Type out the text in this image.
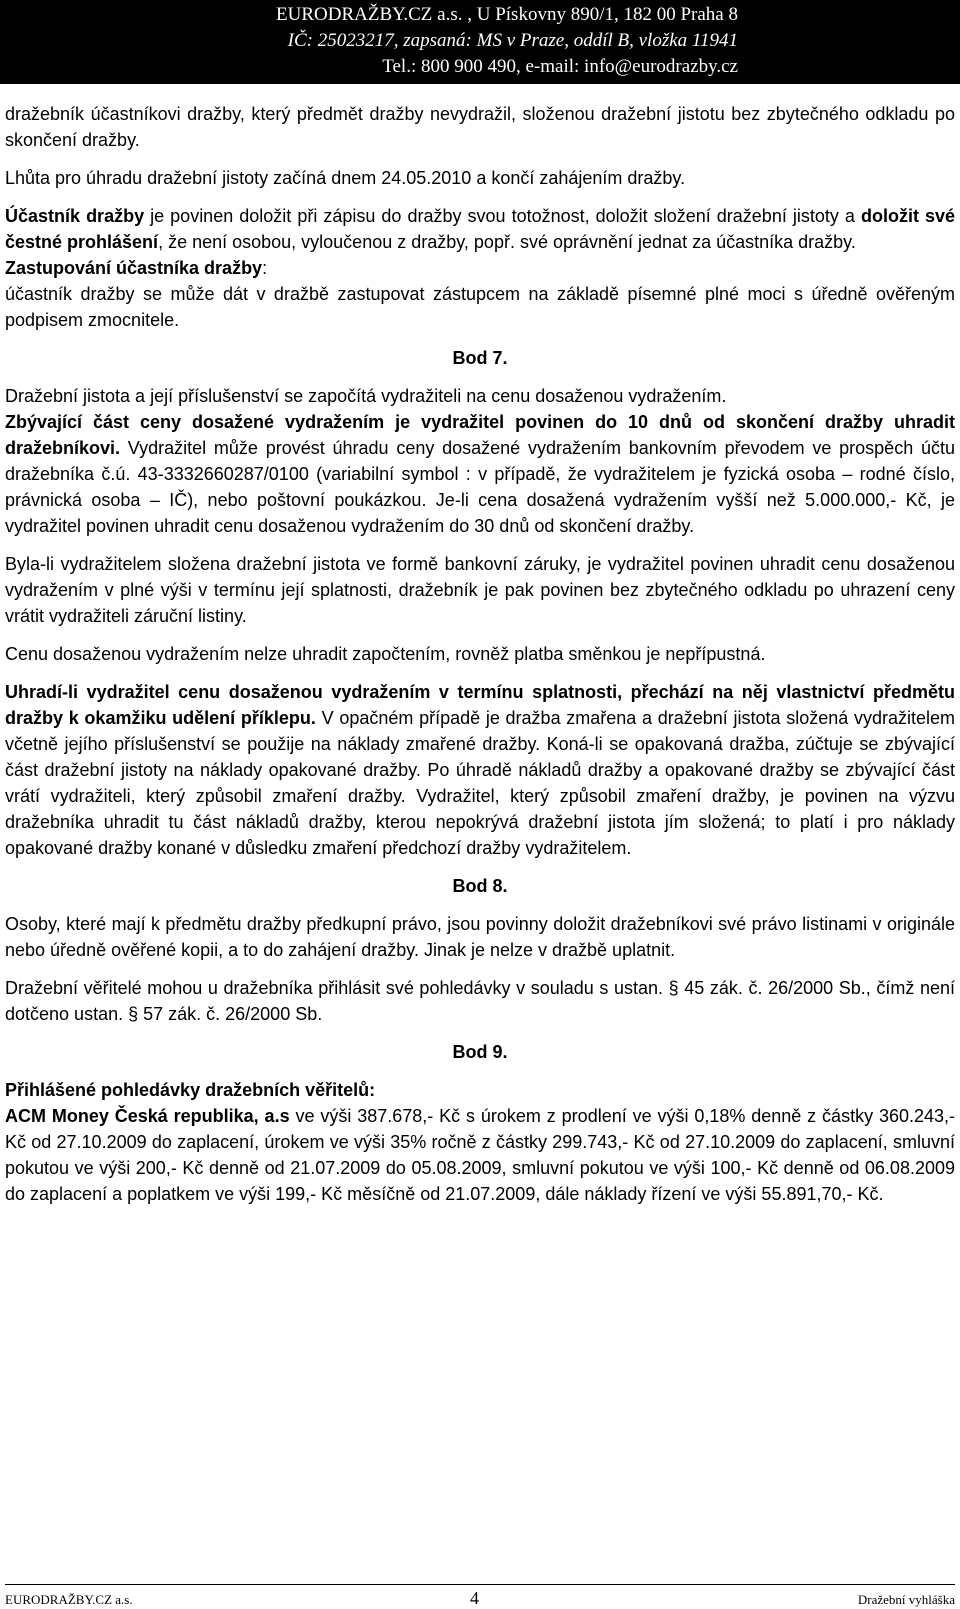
EURODRAŽBY.CZ a.s. , U Pískovny 890/1, 182 00 Praha 8
IČ: 25023217, zapsaná: MS v Praze, oddíl B, vložka 11941
Tel.: 800 900 490, e-mail: info@eurodrazby.cz

dražebník účastníkovi dražby, který předmět dražby nevydražil, složenou dražební jistotu bez zbytečného odkladu po skončení dražby.

Lhůta pro úhradu dražební jistoty začíná dnem 24.05.2010 a končí zahájením dražby.

Účastník dražby je povinen doložit při zápisu do dražby svou totožnost, doložit složení dražební jistoty a doložit své čestné prohlášení, že není osobou, vyloučenou z dražby, popř. své oprávnění jednat za účastníka dražby.

Zastupování účastníka dražby:

účastník dražby se může dát v dražbě zastupovat zástupcem na základě písemné plné moci s úředně ověřeným podpisem zmocnitele.

Bod 7.

Dražební jistota a její příslušenství se započítá vydražiteli na cenu dosaženou vydražením.

Zbývající část ceny dosažené vydražením je vydražitel povinen do 10 dnů od skončení dražby uhradit dražebníkovi. Vydražitel může provést úhradu ceny dosažené vydražením bankovním převodem ve prospěch účtu dražebníka č.ú. 43-3332660287/0100 (variabilní symbol : v případě, že vydražitelem je fyzická osoba – rodné číslo, právnická osoba – IČ), nebo poštovní poukázkou. Je-li cena dosažená vydražením vyšší než 5.000.000,- Kč, je vydražitel povinen uhradit cenu dosaženou vydražením do 30 dnů od skončení dražby.

Byla-li vydražitelem složena dražební jistota ve formě bankovní záruky, je vydražitel povinen uhradit cenu dosaženou vydražením v plné výši v termínu její splatnosti, dražebník je pak povinen bez zbytečného odkladu po uhrazení ceny vrátit vydražiteli záruční listiny.

Cenu dosaženou vydražením nelze uhradit započtením, rovněž platba směnkou je nepřípustná.

Uhradí-li vydražitel cenu dosaženou vydražením v termínu splatnosti, přechází na něj vlastnictví předmětu dražby k okamžiku udělení příklepu. V opačném případě je dražba zmařena a dražební jistota složená vydražitelem včetně jejího příslušenství se použije na náklady zmařené dražby. Koná-li se opakovaná dražba, zúčtuje se zbývající část dražební jistoty na náklady opakované dražby. Po úhradě nákladů dražby a opakované dražby se zbývající část vrátí vydražiteli, který způsobil zmaření dražby. Vydražitel, který způsobil zmaření dražby, je povinen na výzvu dražebníka uhradit tu část nákladů dražby, kterou nepokrývá dražební jistota jím složená; to platí i pro náklady opakované dražby konané v důsledku zmaření předchozí dražby vydražitelem.

Bod 8.

Osoby, které mají k předmětu dražby předkupní právo, jsou povinny doložit dražebníkovi své právo listinami v originále nebo úředně ověřené kopii, a to do zahájení dražby. Jinak je nelze v dražbě uplatnit.

Dražební věřitelé mohou u dražebníka přihlásit své pohledávky v souladu s ustan. § 45 zák. č. 26/2000 Sb., čímž není dotčeno ustan. § 57 zák. č. 26/2000 Sb.

Bod 9.

Přihlášené pohledávky dražebních věřitelů:

ACM Money Česká republika, a.s ve výši 387.678,- Kč s úrokem z prodlení ve výši 0,18% denně z částky 360.243,- Kč od 27.10.2009 do zaplacení, úrokem ve výši 35% ročně z částky 299.743,- Kč od 27.10.2009 do zaplacení, smluvní pokutou ve výši 200,- Kč denně od 21.07.2009 do 05.08.2009, smluvní pokutou ve výši 100,- Kč denně od 06.08.2009 do zaplacení a poplatkem ve výši 199,- Kč měsíčně od 21.07.2009, dále náklady řízení ve výši 55.891,70,- Kč.

EURODRAŽBY.CZ a.s.	4	Dražební vyhláška
